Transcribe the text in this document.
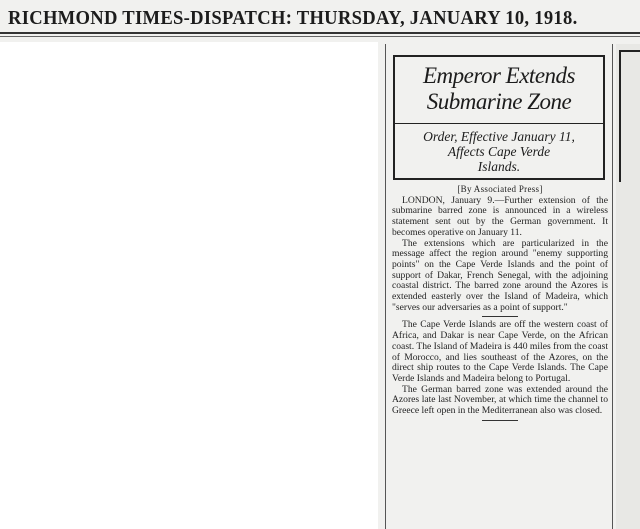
RICHMOND TIMES-DISPATCH: THURSDAY, JANUARY 10, 1918.
Emperor Extends
Submarine Zone
Order, Effective January 11,
Affects Cape Verde
Islands.
[By Associated Press]

LONDON, January 9.—Further extension of the submarine barred zone is announced in a wireless statement sent out by the German government. It becomes operative on January 11.

The extensions which are particularized in the message affect the region around "enemy supporting points" on the Cape Verde Islands and the point of support of Dakar, French Senegal, with the adjoining coastal district. The barred zone around the Azores is extended easterly over the Island of Madeira, which "serves our adversaries as a point of support."

The Cape Verde Islands are off the western coast of Africa, and Dakar is near Cape Verde, on the African coast. The Island of Madeira is 440 miles from the coast of Morocco, and lies southeast of the Azores, on the direct ship routes to the Cape Verde Islands. The Cape Verde Islands and Madeira belong to Portugal.

The German barred zone was extended around the Azores late last November, at which time the channel to Greece left open in the Mediterranean also was closed.
